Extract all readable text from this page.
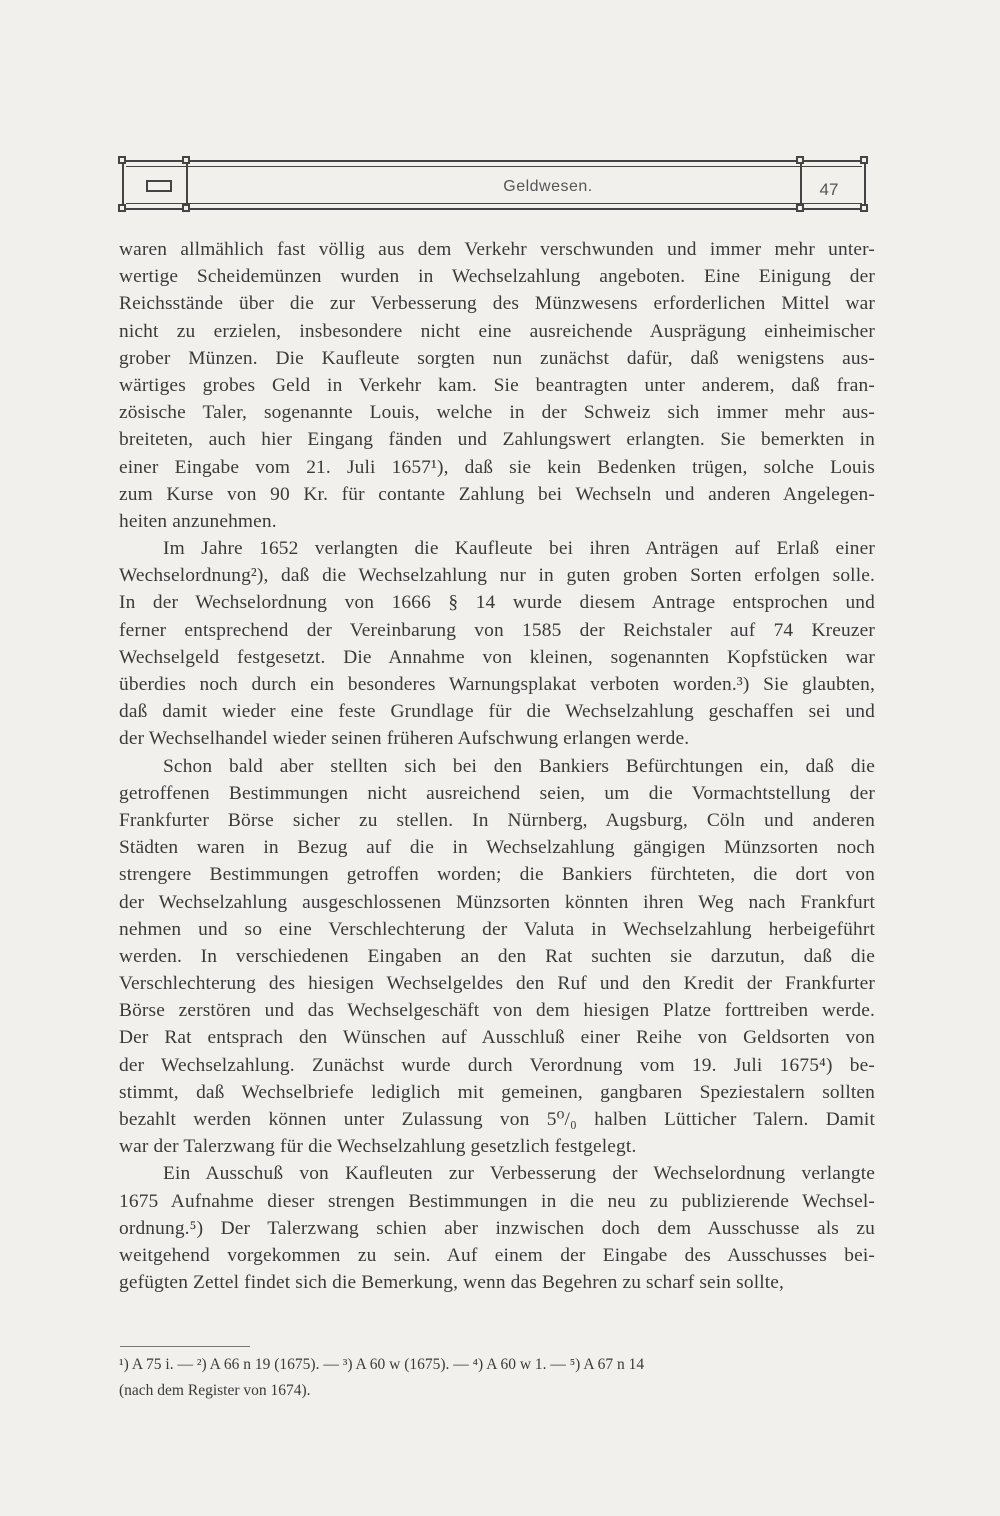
Geldwesen.	47
waren allmählich fast völlig aus dem Verkehr verschwunden und immer mehr unter-
wertige Scheidemünzen wurden in Wechselzahlung angeboten. Eine Einigung der
Reichsstände über die zur Verbesserung des Münzwesens erforderlichen Mittel war
nicht zu erzielen, insbesondere nicht eine ausreichende Ausprägung einheimischer
grober Münzen. Die Kaufleute sorgten nun zunächst dafür, daß wenigstens aus-
wärtiges grobes Geld in Verkehr kam. Sie beantragten unter anderem, daß fran-
zösische Taler, sogenannte Louis, welche in der Schweiz sich immer mehr aus-
breiteten, auch hier Eingang fänden und Zahlungswert erlangten. Sie bemerkten in
einer Eingabe vom 21. Juli 1657¹), daß sie kein Bedenken trügen, solche Louis
zum Kurse von 90 Kr. für contante Zahlung bei Wechseln und anderen Angelegen-
heiten anzunehmen.
Im Jahre 1652 verlangten die Kaufleute bei ihren Anträgen auf Erlaß einer
Wechselordnung²), daß die Wechselzahlung nur in guten groben Sorten erfolgen solle.
In der Wechselordnung von 1666 § 14 wurde diesem Antrage entsprochen und
ferner entsprechend der Vereinbarung von 1585 der Reichstaler auf 74 Kreuzer
Wechselgeld festgesetzt. Die Annahme von kleinen, sogenannten Kopfstücken war
überdies noch durch ein besonderes Warnungsplakat verboten worden.³) Sie glaubten,
daß damit wieder eine feste Grundlage für die Wechselzahlung geschaffen sei und
der Wechselhandel wieder seinen früheren Aufschwung erlangen werde.
Schon bald aber stellten sich bei den Bankiers Befürchtungen ein, daß die
getroffenen Bestimmungen nicht ausreichend seien, um die Vormachtstellung der
Frankfurter Börse sicher zu stellen. In Nürnberg, Augsburg, Cöln und anderen
Städten waren in Bezug auf die in Wechselzahlung gängigen Münzsorten noch
strengere Bestimmungen getroffen worden; die Bankiers fürchteten, die dort von
der Wechselzahlung ausgeschlossenen Münzsorten könnten ihren Weg nach Frankfurt
nehmen und so eine Verschlechterung der Valuta in Wechselzahlung herbeigeführt
werden. In verschiedenen Eingaben an den Rat suchten sie darzutun, daß die
Verschlechterung des hiesigen Wechselgeldes den Ruf und den Kredit der Frankfurter
Börse zerstören und das Wechselgeschäft von dem hiesigen Platze forttreiben werde.
Der Rat entsprach den Wünschen auf Ausschluß einer Reihe von Geldsorten von
der Wechselzahlung. Zunächst wurde durch Verordnung vom 19. Juli 1675⁴) be-
stimmt, daß Wechselbriefe lediglich mit gemeinen, gangbaren Speziestalern sollten
bezahlt werden können unter Zulassung von 5⁰/₀ halben Lütticher Talern. Damit
war der Talerzwang für die Wechselzahlung gesetzlich festgelegt.
Ein Ausschuß von Kaufleuten zur Verbesserung der Wechselordnung verlangte
1675 Aufnahme dieser strengen Bestimmungen in die neu zu publizierende Wechsel-
ordnung.⁵) Der Talerzwang schien aber inzwischen doch dem Ausschusse als zu
weitgehend vorgekommen zu sein. Auf einem der Eingabe des Ausschusses bei-
gefügten Zettel findet sich die Bemerkung, wenn das Begehren zu scharf sein sollte,
¹) A 75 i. — ²) A 66 n 19 (1675). — ³) A 60 w (1675). — ⁴) A 60 w 1. — ⁵) A 67 n 14
(nach dem Register von 1674).
